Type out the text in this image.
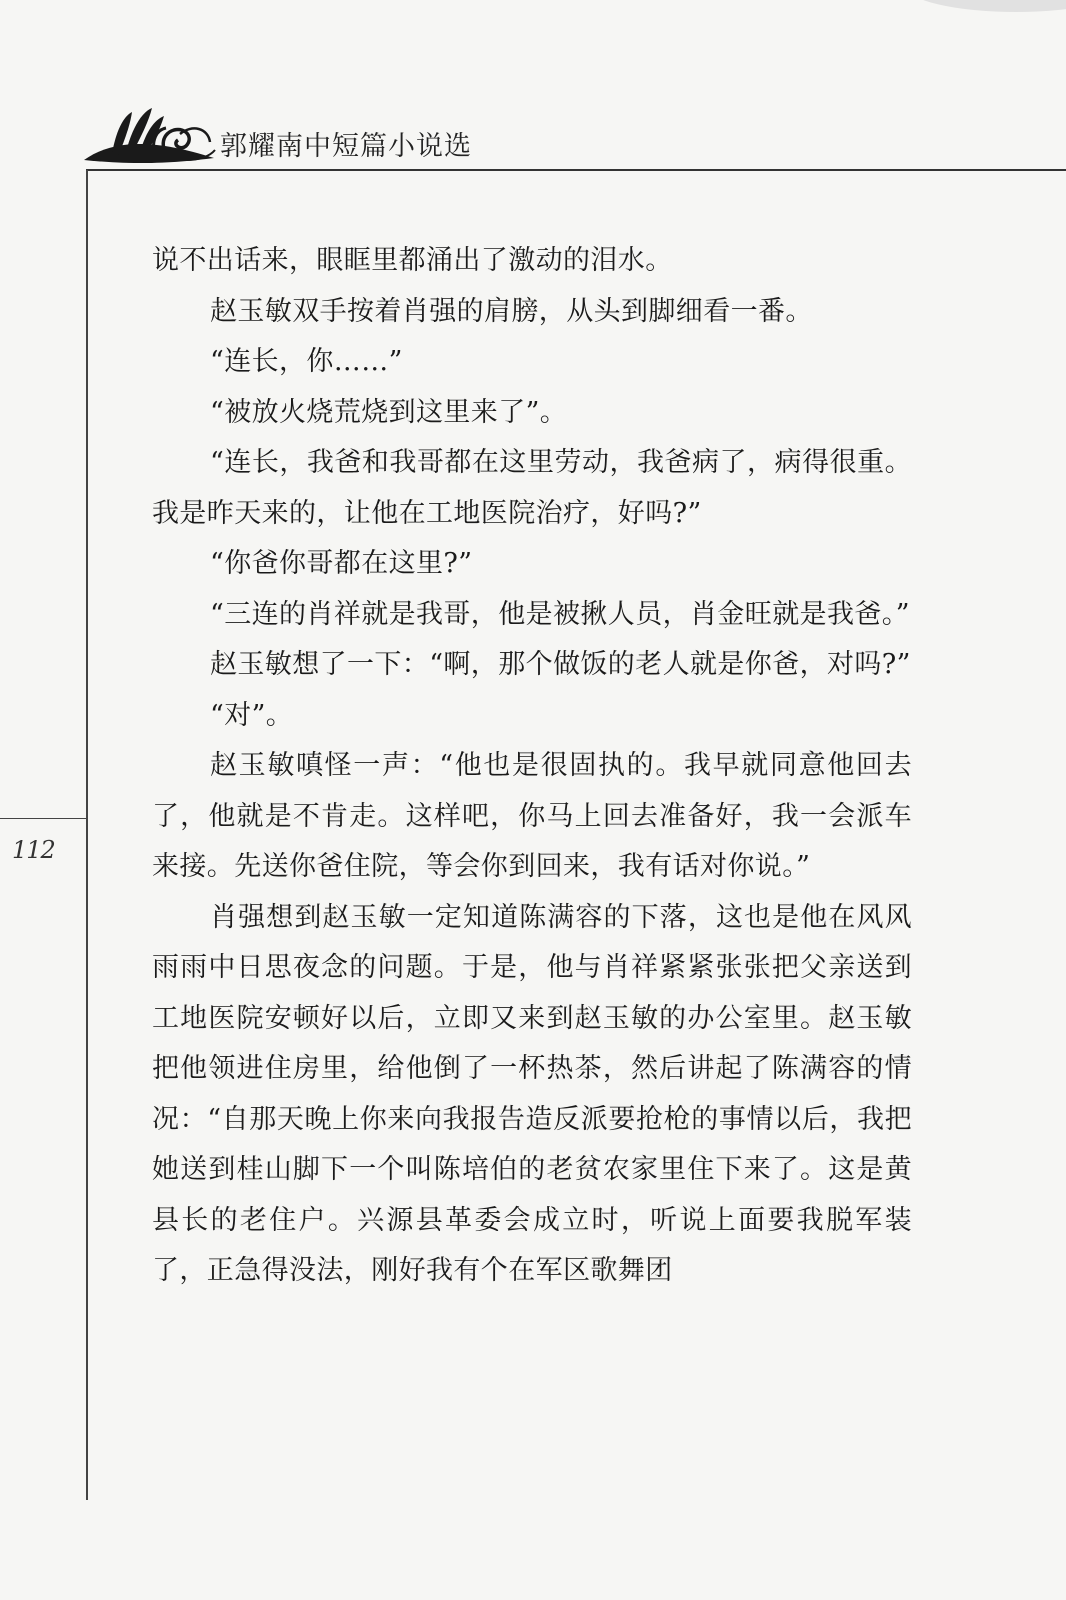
郭耀南中短篇小说选
112

说不出话来，眼眶里都涌出了激动的泪水。

赵玉敏双手按着肖强的肩膀，从头到脚细看一番。

“连长，你……”

“被放火烧荒烧到这里来了”。

“连长，我爸和我哥都在这里劳动，我爸病了，病得很重。我是昨天来的，让他在工地医院治疗，好吗?”

“你爸你哥都在这里?”

“三连的肖祥就是我哥，他是被揪人员，肖金旺就是我爸。”

赵玉敏想了一下：“啊，那个做饭的老人就是你爸，对吗?”

“对”。

赵玉敏嗔怪一声：“他也是很固执的。我早就同意他回去了，他就是不肯走。这样吧，你马上回去准备好，我一会派车来接。先送你爸住院，等会你到回来，我有话对你说。”

肖强想到赵玉敏一定知道陈满容的下落，这也是他在风风雨雨中日思夜念的问题。于是，他与肖祥紧紧张张把父亲送到工地医院安顿好以后，立即又来到赵玉敏的办公室里。赵玉敏把他领进住房里，给他倒了一杯热茶，然后讲起了陈满容的情况：“自那天晚上你来向我报告造反派要抢枪的事情以后，我把她送到桂山脚下一个叫陈培伯的老贫农家里住下来了。这是黄县长的老住户。兴源县革委会成立时，听说上面要我脱军装了，正急得没法，刚好我有个在军区歌舞团
